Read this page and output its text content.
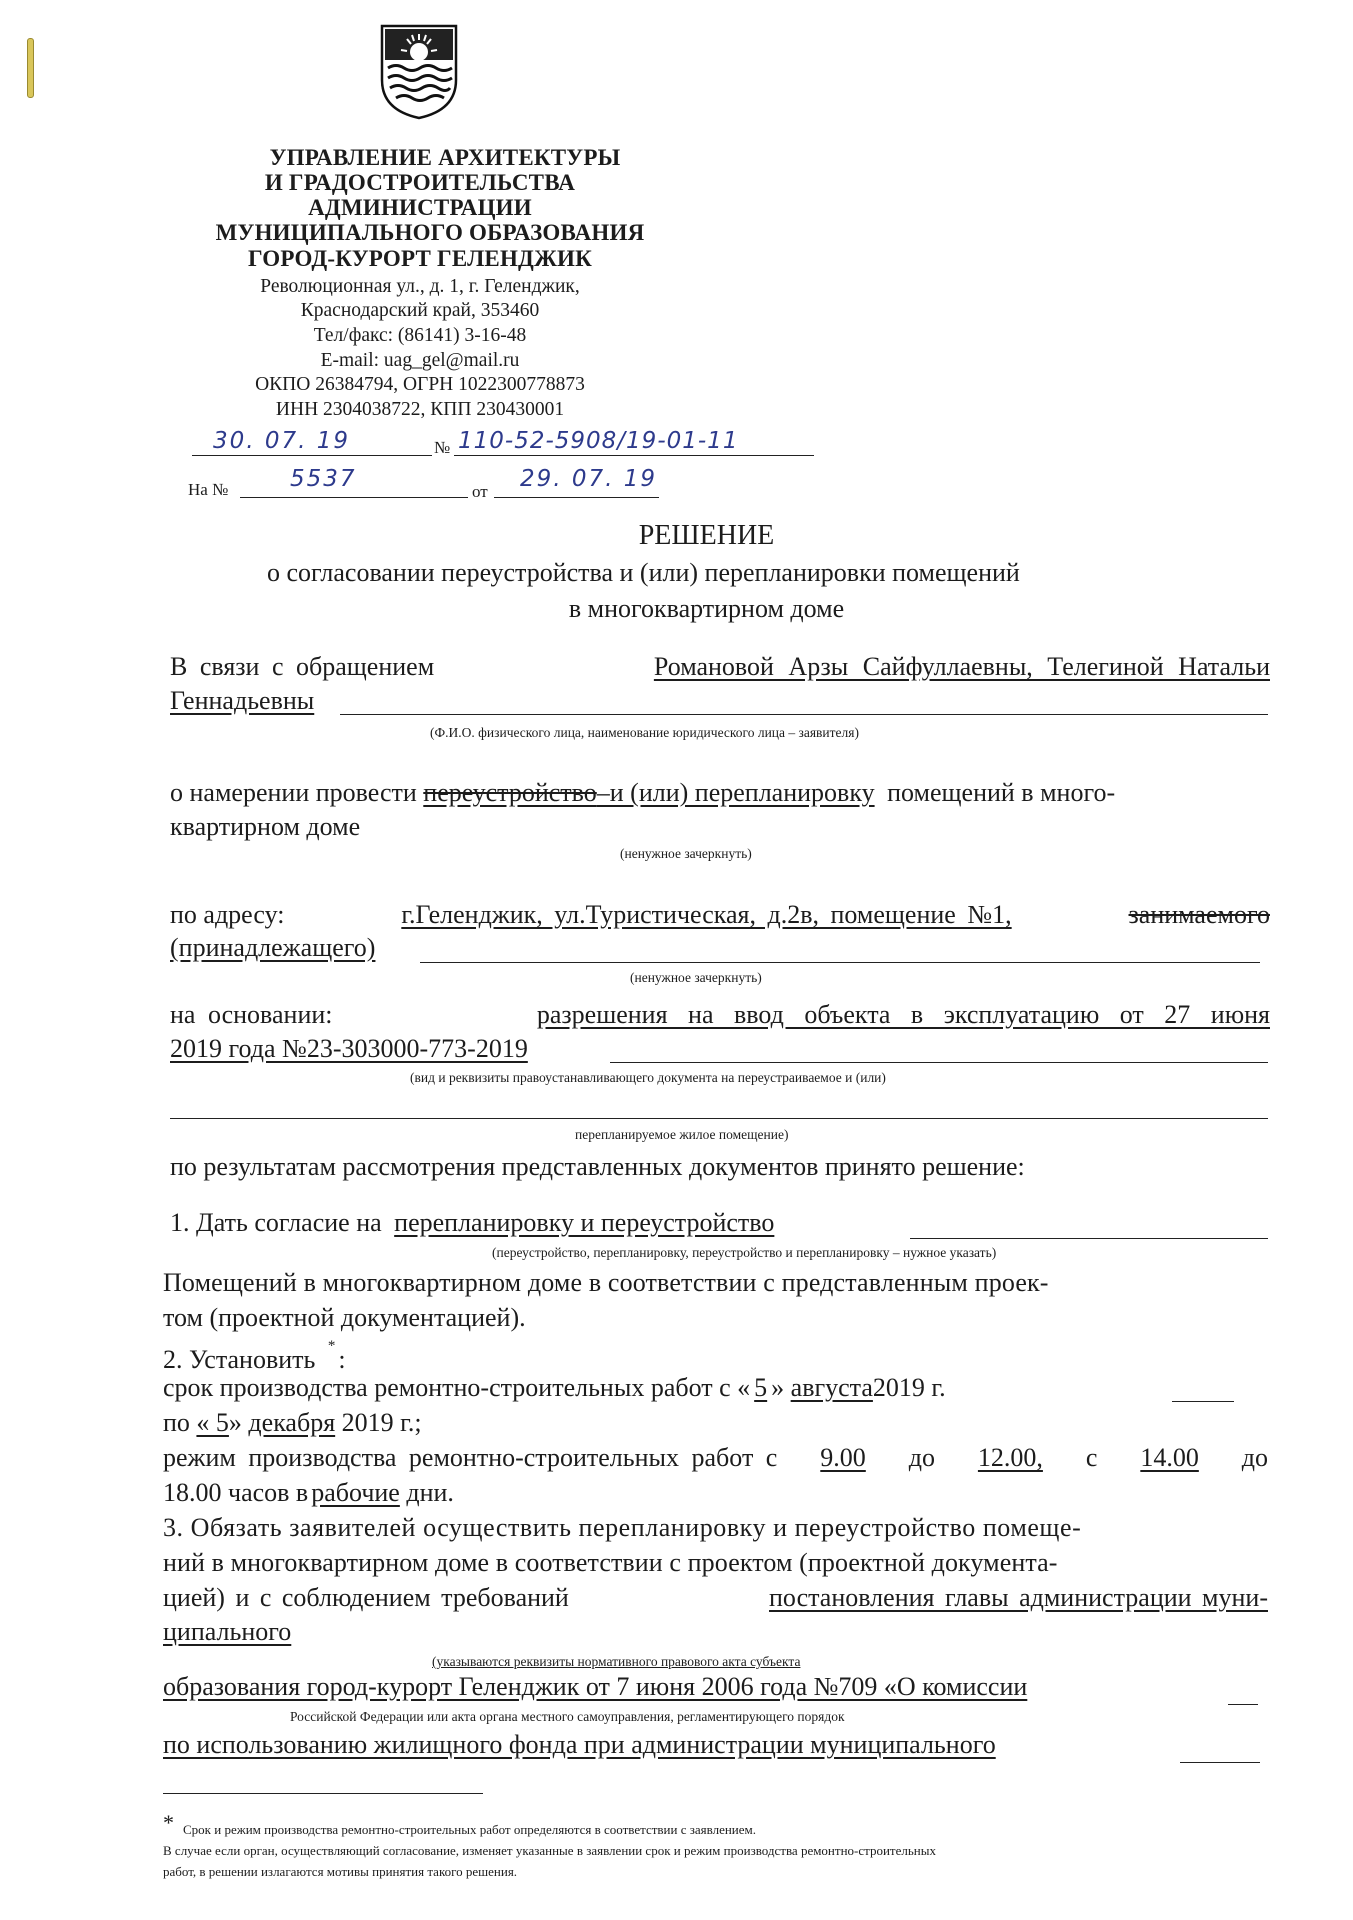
УПРАВЛЕНИЕ АРХИТЕКТУРЫ
И ГРАДОСТРОИТЕЛЬСТВА
АДМИНИСТРАЦИИ
МУНИЦИПАЛЬНОГО ОБРАЗОВАНИЯ
ГОРОД-КУРОРТ ГЕЛЕНДЖИК
Революционная ул., д. 1, г. Геленджик,
Краснодарский край, 353460
Тел/факс: (86141) 3-16-48
E-mail: uag_gel@mail.ru
ОКПО 26384794, ОГРН 1022300778873
ИНН 2304038722, КПП 230430001
30. 07. 19	№ 110-52-5908/19-01-11
На №	5537	от 29. 07. 19
РЕШЕНИЕ
о согласовании переустройства и (или) перепланировки помещений
в многоквартирном доме
В связи с обращением	Романовой Арзы Сайфуллаевны, Телегиной Натальи
Геннадьевны
(Ф.И.О. физического лица, наименование юридического лица – заявителя)
о намерении провести переустройство–и (или) перепланировку помещений в много-
квартирном доме
(ненужное зачеркнуть)
по адресу:	г.Геленджик, ул.Туристическая, д.2в, помещение №1,	занимаемого
(принадлежащего)
(ненужное зачеркнуть)
на основании:	разрешения на ввод объекта в эксплуатацию от 27 июня
2019 года №23-303000-773-2019
(вид и реквизиты правоустанавливающего документа на переустраиваемое и (или)
перепланируемое жилое помещение)
по результатам рассмотрения представленных документов принято решение:
1. Дать согласие на перепланировку и переустройство
(переустройство, перепланировку, переустройство и перепланировку – нужное указать)
Помещений в многоквартирном доме в соответствии с представленным проек-
том (проектной документацией).
2. Установить * :
срок производства ремонтно-строительных работ с « 5 » августа2019 г.
по « 5» декабря 2019 г.;
режим производства ремонтно-строительных работ с 9.00 до 12.00, с 14.00 до
18.00 часов в рабочие дни.
3. Обязать заявителей осуществить перепланировку и переустройство помеще-
ний в многоквартирном доме в соответствии с проектом (проектной документа-
цией) и с соблюдением требований	постановления главы администрации муни-
ципального
(указываются реквизиты нормативного правового акта субъекта
образования город-курорт Геленджик от 7 июня 2006 года №709 «О комиссии
Российской Федерации или акта органа местного самоуправления, регламентирующего порядок
по использованию жилищного фонда при администрации муниципального
* Срок и режим производства ремонтно-строительных работ определяются в соответствии с заявлением.
В случае если орган, осуществляющий согласование, изменяет указанные в заявлении срок и режим производства ремонтно-строительных
работ, в решении излагаются мотивы принятия такого решения.
